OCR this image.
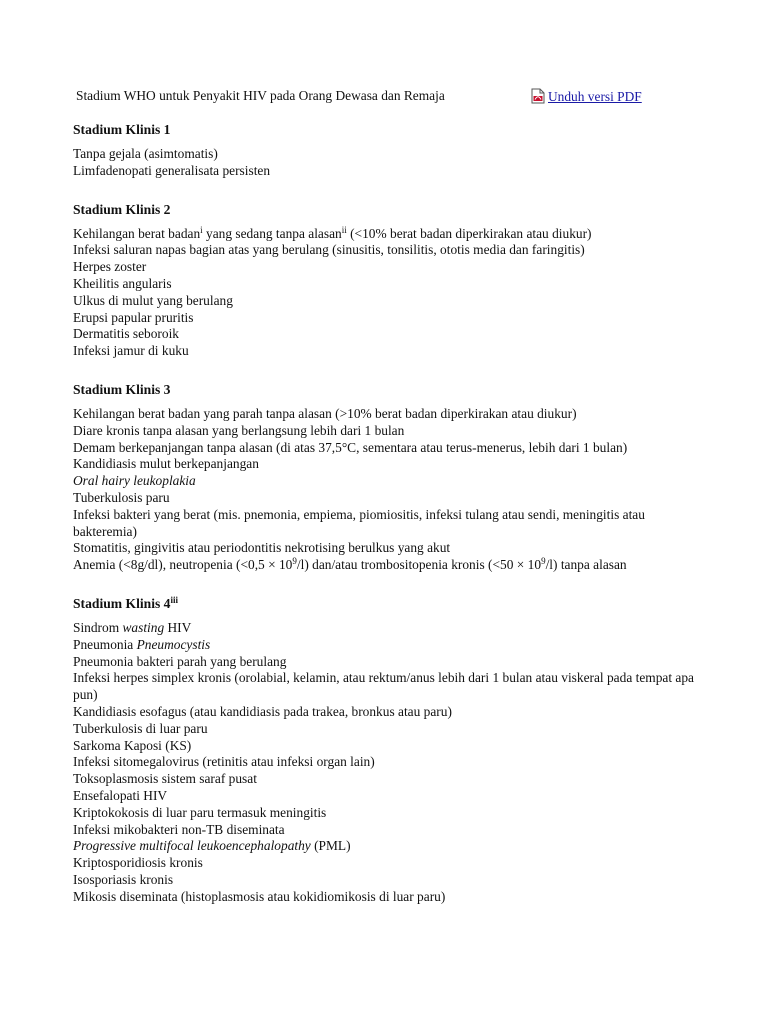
Stadium WHO untuk Penyakit HIV pada Orang Dewasa dan Remaja	Unduh versi PDF
Stadium Klinis 1
Tanpa gejala (asimtomatis)
Limfadenopati generalisata persisten
Stadium Klinis 2
Kehilangan berat badan$^i$ yang sedang tanpa alasan$^{ii}$ (<10% berat badan diperkirakan atau diukur)
Infeksi saluran napas bagian atas yang berulang (sinusitis, tonsilitis, ototis media dan faringitis)
Herpes zoster
Kheilitis angularis
Ulkus di mulut yang berulang
Erupsi papular pruritis
Dermatitis seboroik
Infeksi jamur di kuku
Stadium Klinis 3
Kehilangan berat badan yang parah tanpa alasan (>10% berat badan diperkirakan atau diukur)
Diare kronis tanpa alasan yang berlangsung lebih dari 1 bulan
Demam berkepanjangan tanpa alasan (di atas 37,5°C, sementara atau terus-menerus, lebih dari 1 bulan)
Kandidiasis mulut berkepanjangan
Oral hairy leukoplakia
Tuberkulosis paru
Infeksi bakteri yang berat (mis. pnemonia, empiema, piomiositis, infeksi tulang atau sendi, meningitis atau bakteremia)
Stomatitis, gingivitis atau periodontitis nekrotising berulkus yang akut
Anemia (<8g/dl), neutropenia $(<0,5 \times 10^9/l)$ dan/atau trombositopenia kronis $(<50 \times 10^9/l)$ tanpa alasan
Stadium Klinis 4$^{iii}$
Sindrom wasting HIV
Pneumonia Pneumocystis
Pneumonia bakteri parah yang berulang
Infeksi herpes simplex kronis (orolabial, kelamin, atau rektum/anus lebih dari 1 bulan atau viskeral pada tempat apa pun)
Kandidiasis esofagus (atau kandidiasis pada trakea, bronkus atau paru)
Tuberkulosis di luar paru
Sarkoma Kaposi (KS)
Infeksi sitomegalovirus (retinitis atau infeksi organ lain)
Toksoplasmosis sistem saraf pusat
Ensefalopati HIV
Kriptokokosis di luar paru termasuk meningitis
Infeksi mikobakteri non-TB diseminata
Progressive multifocal leukoencephalopathy (PML)
Kriptosporidiosis kronis
Isosporiasis kronis
Mikosis diseminata (histoplasmosis atau kokidiomikosis di luar paru)
